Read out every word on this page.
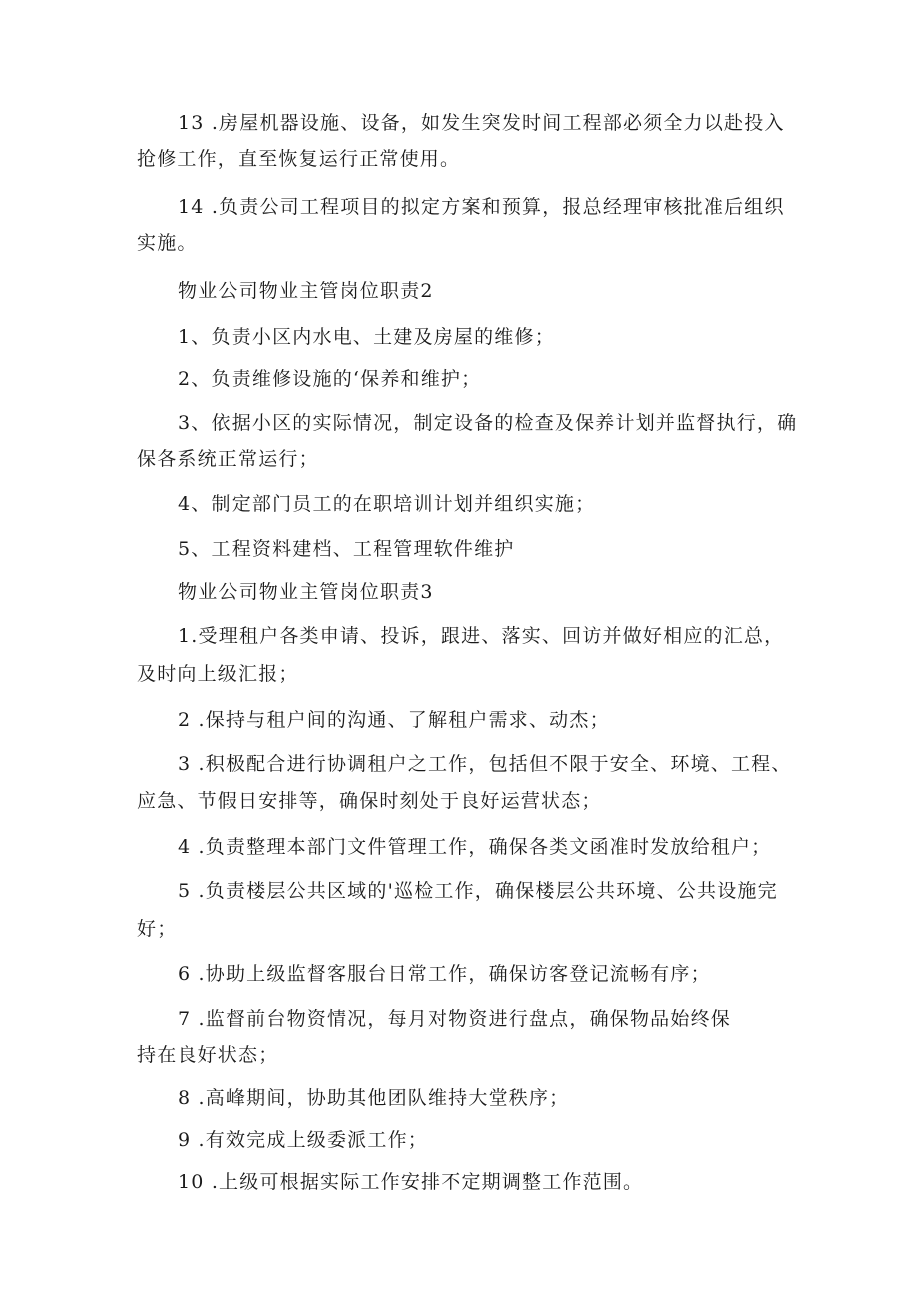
13 .房屋机器设施、设备，如发生突发时间工程部必须全力以赴投入
抢修工作，直至恢复运行正常使用。
14 .负责公司工程项目的拟定方案和预算，报总经理审核批准后组织
实施。
物业公司物业主管岗位职责2
1、负责小区内水电、土建及房屋的维修；
2、负责维修设施的‘保养和维护；
3、依据小区的实际情况，制定设备的检查及保养计划并监督执行，确
保各系统正常运行；
4、制定部门员工的在职培训计划并组织实施；
5、工程资料建档、工程管理软件维护
物业公司物业主管岗位职责3
1.受理租户各类申请、投诉，跟进、落实、回访并做好相应的汇总，
及时向上级汇报；
2 .保持与租户间的沟通、了解租户需求、动杰；
3 .积极配合进行协调租户之工作，包括但不限于安全、环境、工程、
应急、节假日安排等，确保时刻处于良好运营状态；
4 .负责整理本部门文件管理工作，确保各类文函准时发放给租户；
5 .负责楼层公共区域的'巡检工作，确保楼层公共环境、公共设施完
好；
6 .协助上级监督客服台日常工作，确保访客登记流畅有序；
7 .监督前台物资情况，每月对物资进行盘点，确保物品始终保
持在良好状态；
8 .高峰期间，协助其他团队维持大堂秩序；
9 .有效完成上级委派工作；
10 .上级可根据实际工作安排不定期调整工作范围。
